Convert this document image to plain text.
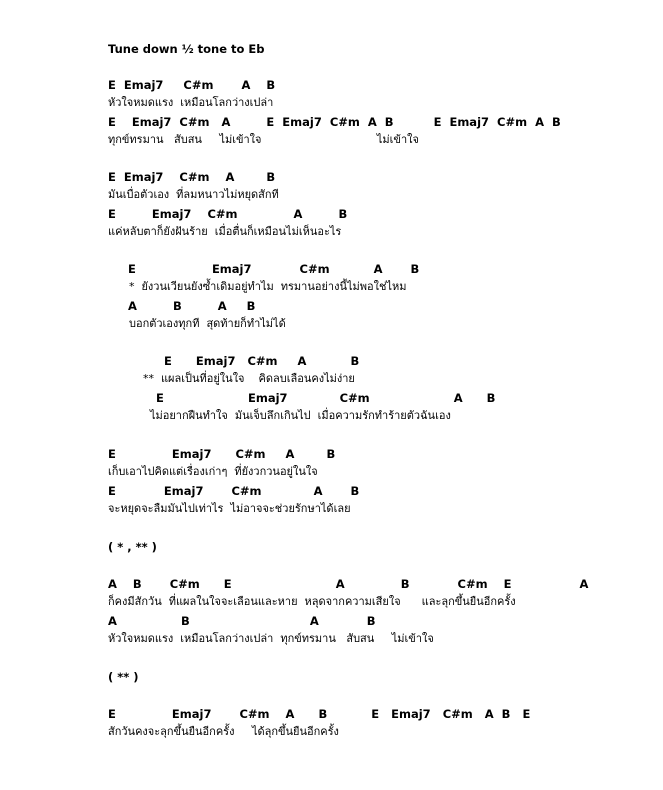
Tune down ½ tone to Eb
E  Emaj7     C#m       A    B
หัวใจหมดแรง  เหมือนโลกว่างเปล่า
E    Emaj7  C#m   A         E  Emaj7  C#m  A  B          E  Emaj7  C#m  A  B
ทุกข์ทรมาน   สับสน     ไม่เข้าใจ                                 ไม่เข้าใจ
E  Emaj7    C#m    A        B
มันเบื่อตัวเอง  ที่ลมหนาวไม่หยุดสักที
E         Emaj7    C#m              A         B
แค่หลับตาก็ยังฝันร้าย  เมื่อตื่นก็เหมือนไม่เห็นอะไร
E                   Emaj7            C#m           A       B
*  ยังวนเวียนยังซ้ำเดิมอยู่ทำไม  ทรมานอย่างนี้ไม่พอใช่ไหม
A         B         A     B
บอกตัวเองทุกที  สุดท้ายก็ทำไม่ได้
E      Emaj7   C#m     A           B
**  แผลเป็นที่อยู่ในใจ    คิดลบเลือนคงไม่ง่าย
E                     Emaj7             C#m                     A      B
ไม่อยากฝืนทำใจ  มันเจ็บลึกเกินไป  เมื่อความรักทำร้ายตัวฉันเอง
E              Emaj7      C#m     A        B
เก็บเอาไปคิดแต่เรื่องเก่าๆ  ที่ยังวกวนอยู่ในใจ
E            Emaj7       C#m             A       B
จะหยุดจะลืมมันไปเท่าไร  ไม่อาจจะช่วยรักษาได้เลย
( * , ** )
A    B       C#m      E                          A              B            C#m    E                 A
ก็คงมีสักวัน  ที่แผลในใจจะเลือนและหาย  หลุดจากความเสียใจ      และลุกขึ้นยืนอีกครั้ง
A                B                              A            B
หัวใจหมดแรง  เหมือนโลกว่างเปล่า  ทุกข์ทรมาน   สับสน     ไม่เข้าใจ
( ** )
E              Emaj7       C#m    A      B           E   Emaj7   C#m   A  B   E
สักวันคงจะลุกขึ้นยืนอีกครั้ง     ได้ลุกขึ้นยืนอีกครั้ง
